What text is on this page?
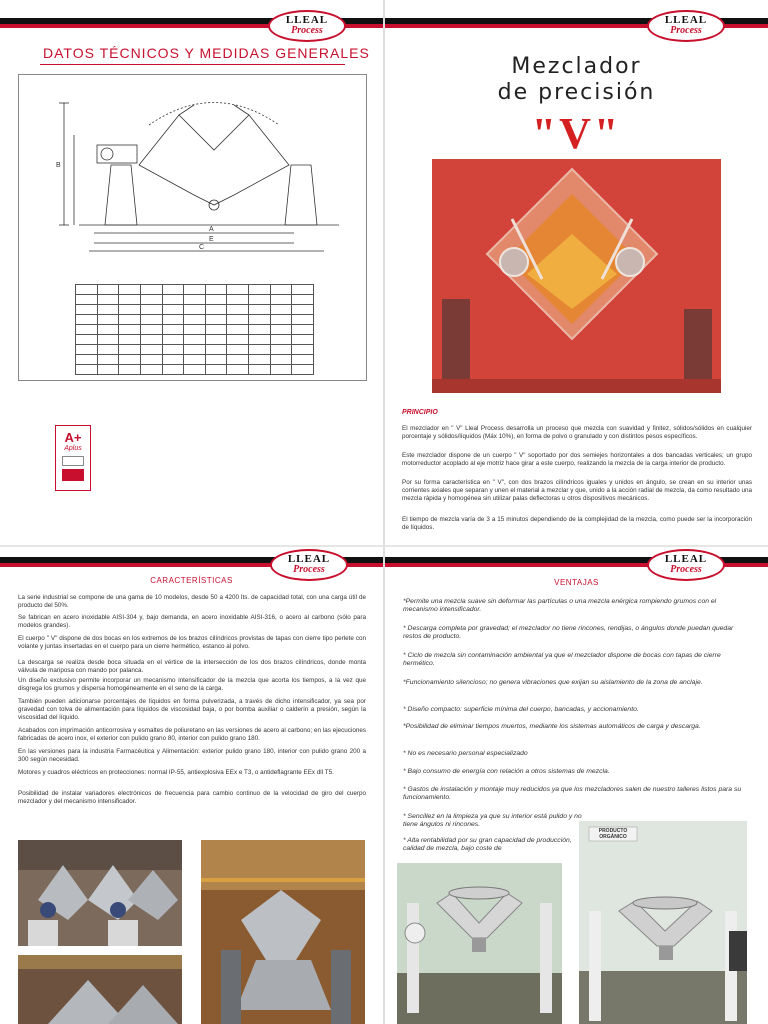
LLEAL
Process
DATOS TÉCNICOS Y MEDIDAS GENERALES
B
A
E
C

A+
Aplus
LLEAL
Process
Mezclador
de precisión
"V"
PRINCIPIO
El mezclador en " V" Lleal Process desarrolla un proceso que mezcla con suavidad y finitez, sólidos/sólidos en cualquier porcentaje y sólidos/líquidos (Máx 10%), en forma de polvo o granulado y con distintos pesos específicos.
Este mezclador dispone de un cuerpo " V" soportado por dos semiejes horizontales a dos bancadas verticales; un grupo motorreductor acoplado al eje motriz hace girar a este cuerpo, realizando la mezcla de la carga interior de producto.
Por su forma característica en " V", con dos brazos cilíndricos iguales y unidos en ángulo, se crean en su interior unas corrientes axiales que separan y unen el material a mezclar y que, unido a la acción radial de mezcla, da como resultado una mezcla rápida y homogénea sin utilizar palas deflectoras u otros dispositivos mecánicos.
El tiempo de mezcla varía de 3 a 15 minutos dependiendo de la complejidad de la mezcla, como puede ser la incorporación de líquidos.
LLEAL
Process
CARACTERÍSTICAS
La serie industrial se compone de una gama de 10 modelos, desde 50 a 4200 lts. de capacidad total, con una carga útil de producto del 50%.
Se fabrican en acero inoxidable AISI-304 y, bajo demanda, en acero inoxidable AISI-316, o acero al carbono (sólo para modelos grandes).
El cuerpo " V" dispone de dos bocas en los extremos de los brazos cilíndricos provistas de tapas con cierre tipo perlete con volante y juntas insertadas en el cuerpo para un cierre hermético, estanco al polvo.
La descarga se realiza desde boca situada en el vértice de la intersección de los dos brazos cilíndricos, donde monta válvula de mariposa con mando por palanca.
Un diseño exclusivo permite incorporar un mecanismo intensificador de la mezcla que acorta los tiempos, a la vez que disgrega los grumos y dispersa homogéneamente en el seno de la carga.
También pueden adicionarse porcentajes de líquidos en forma pulverizada, a través de dicho intensificador, ya sea por gravedad con tolva de alimentación para líquidos de viscosidad baja, o por bomba auxiliar o calderín a presión, según la viscosidad del líquido.
Acabados con imprimación anticorrosiva y esmaltes de poliuretano en las versiones de acero al carbono; en las ejecuciones fabricadas de acero inox, el exterior con pulido grano 80, interior con pulido grano 180.
En las versiones para la industria Farmacéutica y Alimentación: exterior pulido grano 180, interior con pulido grano 200 a 300 según necesidad.
Motores y cuadros eléctricos en protecciones: normal IP-55, antiexplosiva EEx e T3, o antideflagrante EEx dll T5.
Posibilidad de instalar variadores electrónicos de frecuencia para cambio continuo de la velocidad de giro del cuerpo mezclador y del mecanismo intensificador.
LLEAL
Process
VENTAJAS
*Permite una mezcla suave sin deformar las partículas o una mezcla enérgica rompiendo grumos con el mecanismo intensificador.
* Descarga completa por gravedad; el mezclador no tiene rincones, rendijas, o ángulos donde puedan quedar restos de producto.
* Ciclo de mezcla sin contaminación ambiental ya que el mezclador dispone de bocas con tapas de cierre hermético.
*Funcionamiento silencioso; no genera vibraciones que exijan su aislamiento de la zona de anclaje.
* Diseño compacto: superficie mínima del cuerpo, bancadas, y accionamiento.
*Posibilidad de eliminar tiempos muertos, mediante los sistemas automáticos de carga y descarga.
* No es necesario personal especializado
* Bajo consumo de energía con relación a otros sistemas de mezcla.
* Gastos de instalación y montaje muy reducidos ya que los mezcladores salen de nuestro talleres listos para su funcionamiento.
* Sencillez en la limpieza ya que su interior está pulido y no tiene ángulos ni rincones.
* Alta rentabilidad por su gran capacidad de producción, calidad de mezcla, bajo coste de
PRODUCTO ORGÁNICO
